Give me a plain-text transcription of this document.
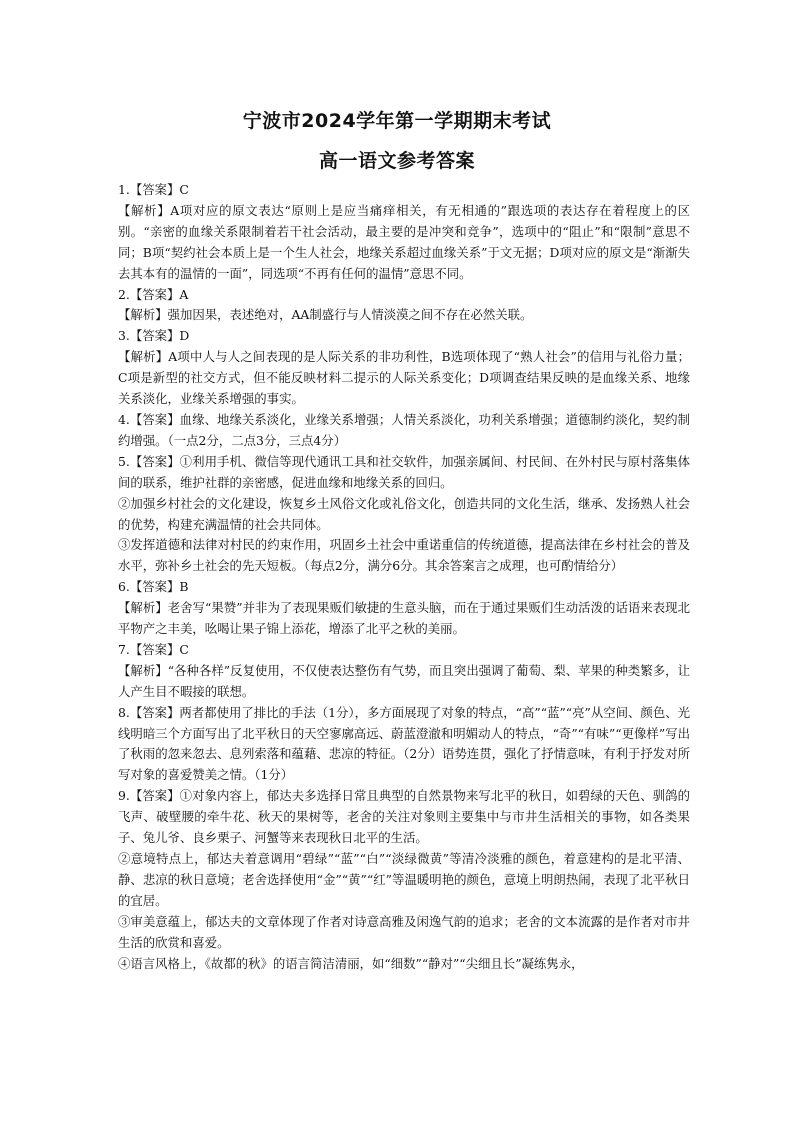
宁波市2024学年第一学期期末考试
高一语文参考答案

1.【答案】C

【解析】A项对应的原文表达“原则上是应当痛痒相关，有无相通的”跟选项的表达存在着程度上的区别。“亲密的血缘关系限制着若干社会活动，最主要的是冲突和竞争”，选项中的“阻止”和“限制”意思不同；B项“契约社会本质上是一个生人社会，地缘关系超过血缘关系”于文无据；D项对应的原文是“渐渐失去其本有的温情的一面”，同选项“不再有任何的温情”意思不同。

2.【答案】A

【解析】强加因果，表述绝对，AA制盛行与人情淡漠之间不存在必然关联。

3.【答案】D

【解析】A项中人与人之间表现的是人际关系的非功利性，B选项体现了“熟人社会”的信用与礼俗力量；C项是新型的社交方式，但不能反映材料二提示的人际关系变化；D项调查结果反映的是血缘关系、地缘关系淡化，业缘关系增强的事实。

4.【答案】血缘、地缘关系淡化，业缘关系增强；人情关系淡化，功利关系增强；道德制约淡化，契约制约增强。（一点2分，二点3分，三点4分）

5.【答案】①利用手机、微信等现代通讯工具和社交软件，加强亲属间、村民间、在外村民与原村落集体间的联系，维护社群的亲密感，促进血缘和地缘关系的回归。

②加强乡村社会的文化建设，恢复乡土风俗文化或礼俗文化，创造共同的文化生活，继承、发扬熟人社会的优势，构建充满温情的社会共同体。

③发挥道德和法律对村民的约束作用，巩固乡土社会中重诺重信的传统道德，提高法律在乡村社会的普及水平，弥补乡土社会的先天短板。（每点2分，满分6分。其余答案言之成理，也可酌情给分）

6.【答案】B

【解析】老舍写“果赞”并非为了表现果贩们敏捷的生意头脑，而在于通过果贩们生动活泼的话语来表现北平物产之丰美，吆喝让果子锦上添花，增添了北平之秋的美丽。

7.【答案】C

【解析】“各种各样”反复使用，不仅使表达整伤有气势，而且突出强调了葡萄、梨、苹果的种类繁多，让人产生目不暇接的联想。

8.【答案】两者都使用了排比的手法（1分），多方面展现了对象的特点，“高”“蓝”“亮”从空间、颜色、光线明暗三个方面写出了北平秋日的天空寥廓高远、蔚蓝澄澈和明媚动人的特点，“奇”“有味”“更像样”写出了秋雨的忽来忽去、息列索落和蕴藉、悲凉的特征。（2分）语势连贯，强化了抒情意味，有利于抒发对所写对象的喜爱赞美之情。（1分）

9.【答案】①对象内容上，郁达夫多选择日常且典型的自然景物来写北平的秋日，如碧绿的天色、驯鸽的飞声、破壁腰的牵牛花、秋天的果树等，老舍的关注对象则主要集中与市井生活相关的事物，如各类果子、兔儿爷、良乡栗子、河蟹等来表现秋日北平的生活。

②意境特点上，郁达夫着意调用“碧绿”“蓝”“白”“淡绿微黄”等清冷淡雅的颜色，着意建构的是北平清、静、悲凉的秋日意境；老舍选择使用“金”“黄”“红”等温暖明艳的颜色，意境上明朗热闹，表现了北平秋日的宜居。

③审美意蕴上，郁达夫的文章体现了作者对诗意高雅及闲逸气韵的追求；老舍的文本流露的是作者对市井生活的欣赏和喜爱。

④语言风格上，《故都的秋》的语言简洁清丽，如“细数”“静对”“尖细且长”凝练隽永，
